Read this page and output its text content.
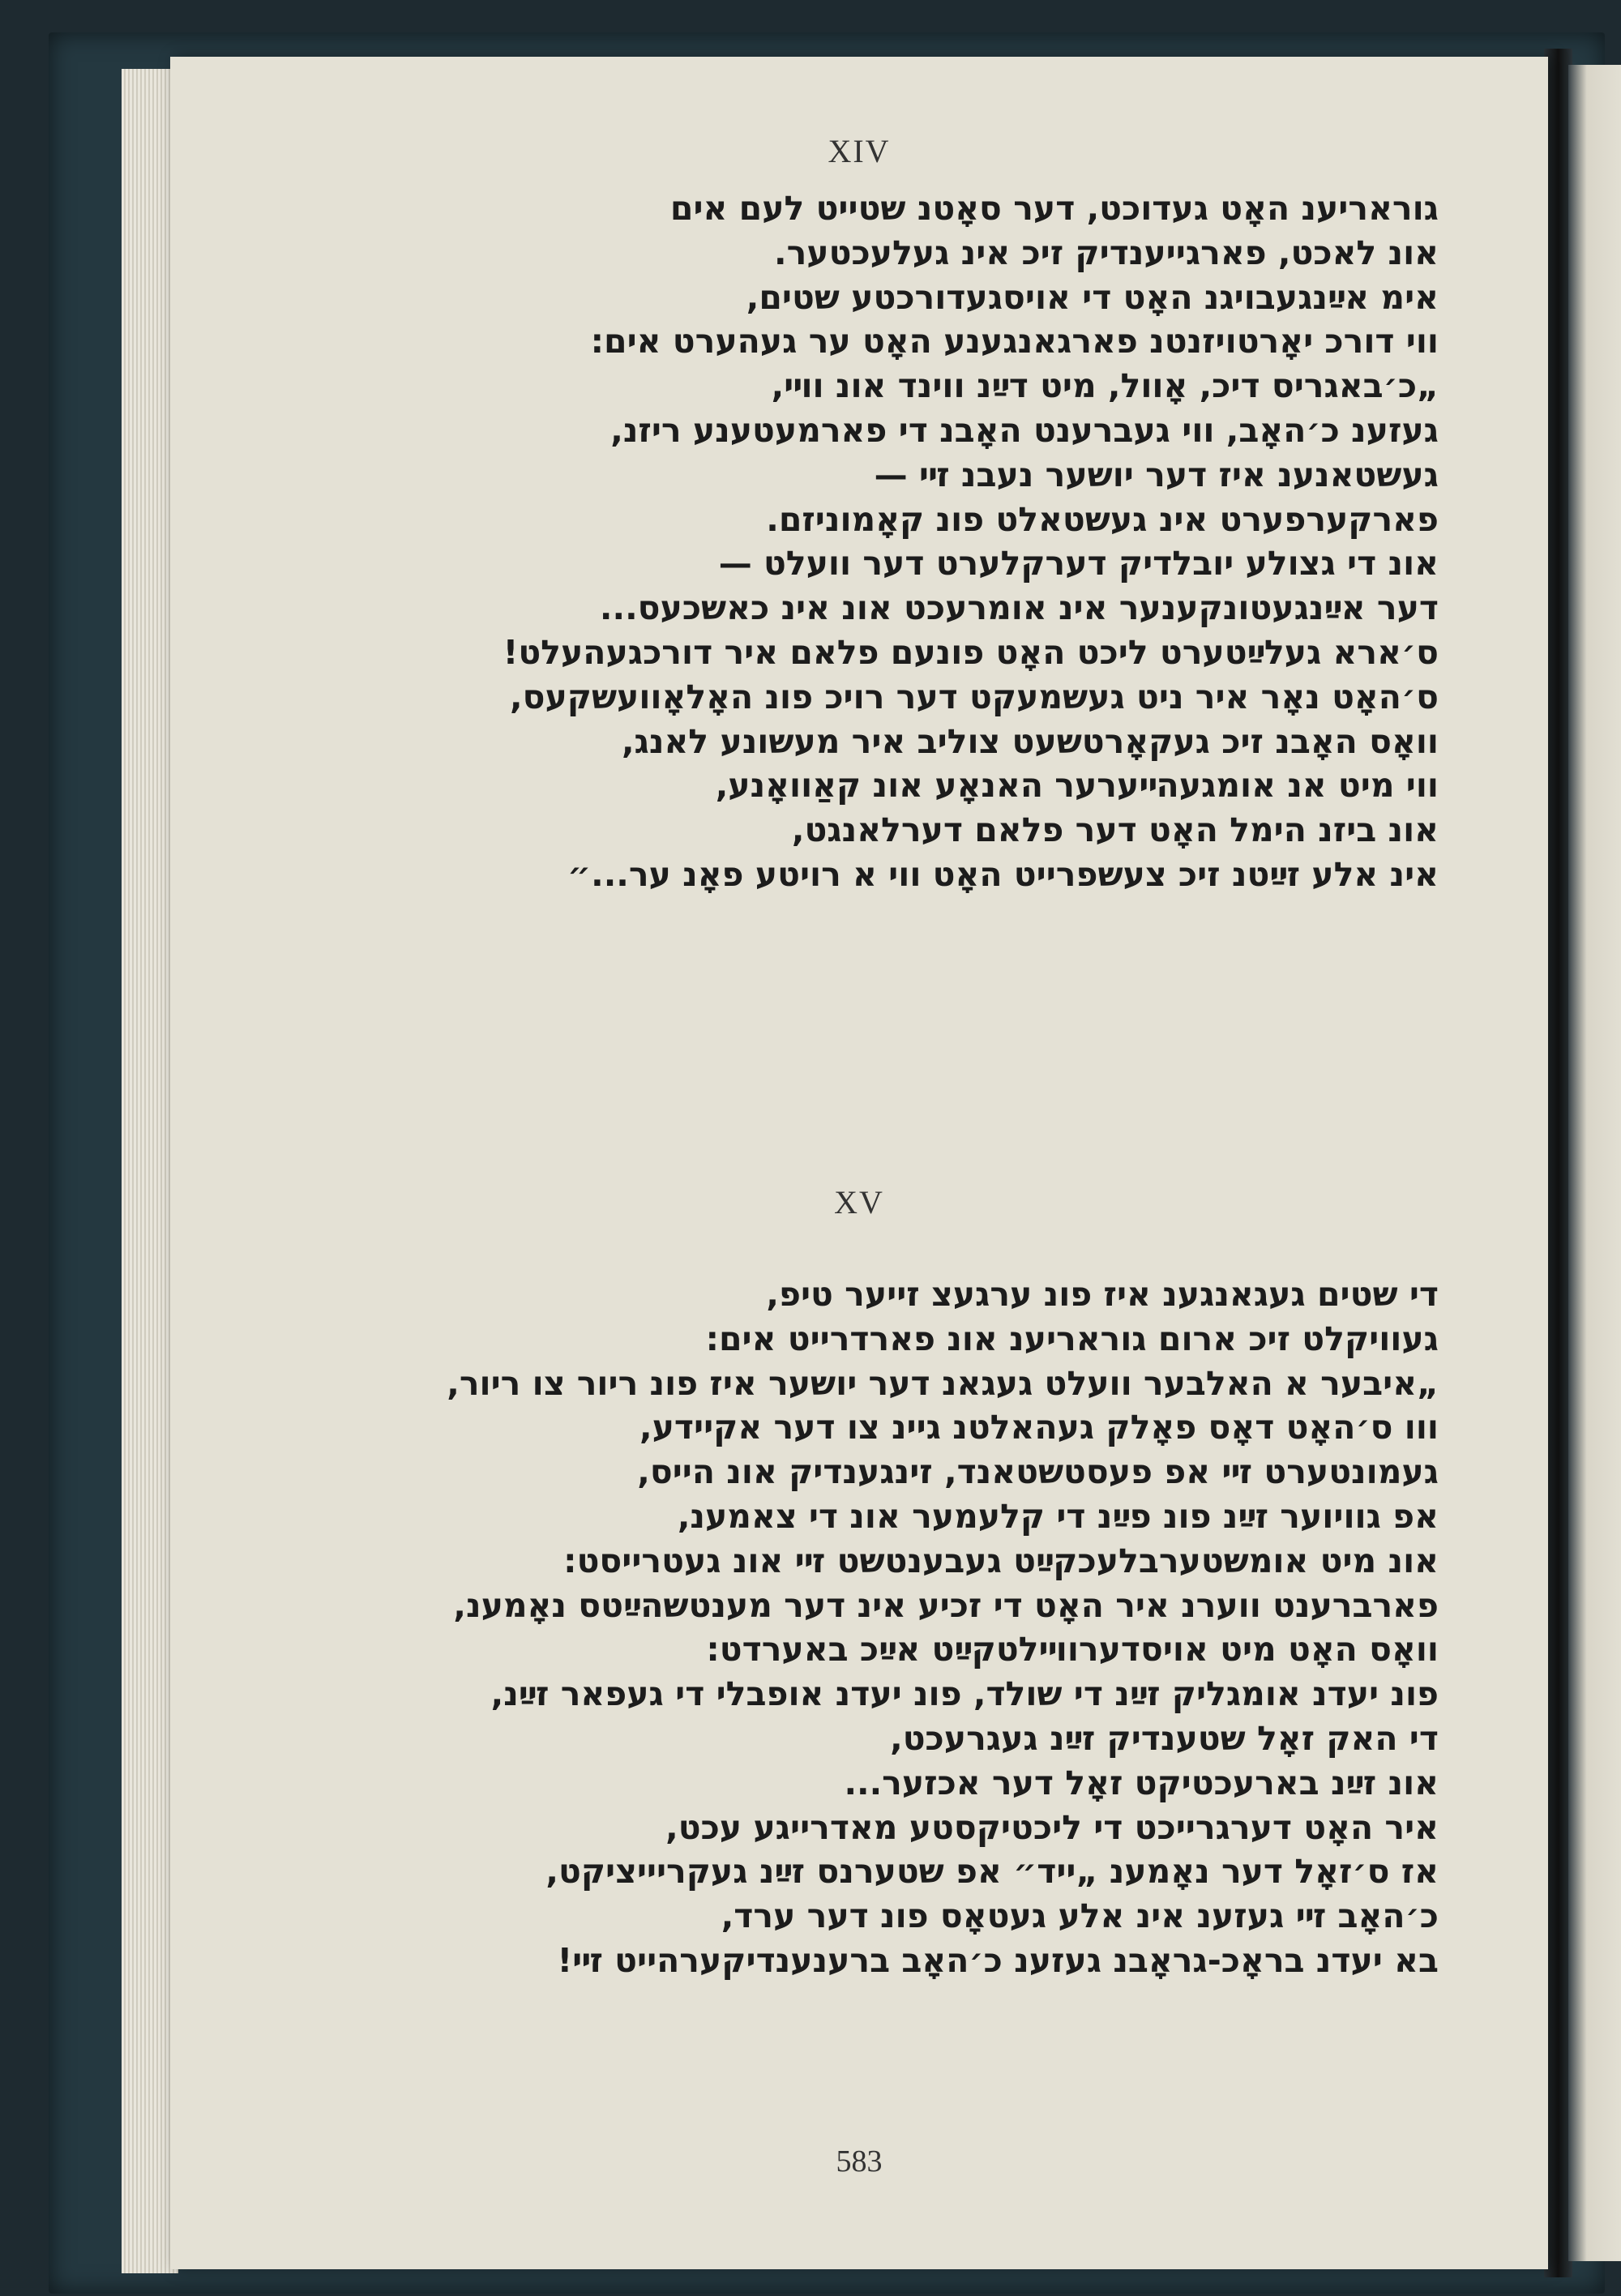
XIV
גוראריענ האָט געדוכט, דער סאָטנ שטייט לעם אים
אונ לאכט, פארגייענדיק זיכ אינ געלעכטער.
אימ אײַנגעבויגנ האָט די אויסגעדורכטע שטים,
ווי דורכ יאָרטויזנטנ פארגאנגענע האָט ער געהערט אים:
„כ׳באגריס דיכ, אָוול, מיט דײַנ ווינד אונ ווײ,
געזענ כ׳האָב, ווי געברענט האָבנ די פארמעטענע ריזנ,
געשטאנענ איז דער יושער נעבנ זײ —
פארקערפערט אינ געשטאלט פונ קאָמוניזם.
אונ די גצולע יובלדיק דערקלערט דער וועלט —
דער אײַנגעטונקענער אינ אומרעכט אונ אינ כאשכעס...
ס׳ארא געלײַטערט ליכט האָט פונעם פלאם איר דורכגעהעלט!
ס׳האָט נאָר איר ניט געשמעקט דער רויכ פונ האָלאָוועשקעס,
וואָס האָבנ זיכ געקאָרטשעט צוליב איר מעשונע לאנג,
ווי מיט אנ אומגעהײערער האנאָע אונ קאַוואָנע,
אונ ביזנ הימל האָט דער פלאם דערלאנגט,
אינ אלע זײַטנ זיכ צעשפרייט האָט ווי א רויטע פאָנ ער...״
XV
די שטים געגאנגענ איז פונ ערגעצ זייער טיפ,
געוויקלט זיכ ארום גוראריענ אונ פארדרייט אים:
„איבער א האלבער וועלט געגאנ דער יושער איז פונ ריור צו ריור,
ווו ס׳האָט דאָס פאָלק געהאלטנ גיינ צו דער אקיידע,
געמונטערט זײ אפ פעסטשטאנד, זינגענדיק אונ הייס,
אפ גוויוער זײַנ פונ פײַנ די קלעמער אונ די צאמענ,
אונ מיט אומשטערבלעכקײַט געבענטשט זײ אונ געטרייסט:
פארברענט ווערנ איר האָט די זכיע אינ דער מענטשהײַטס נאָמענ,
וואָס האָט מיט אויסדערווײלטקײַט אײַכ באערדט:
פונ יעדנ אומגליק זײַנ די שולד, פונ יעדנ אופבלי די געפאר זײַנ,
די האק זאָל שטענדיק זײַנ געגרעכט,
אונ זײַנ בארעכטיקט זאָל דער אכזער...
איר האָט דערגרייכט די ליכטיקסטע מאדרייגע עכט,
אז ס׳זאָל דער נאָמענ „ייד״ אפ שטערנס זײַנ געקריייציקט,
כ׳האָב זײ געזענ אינ אלע געטאָס פונ דער ערד,
בא יעדנ בראָכ-גראָבנ געזענ כ׳האָב ברענענדיקערהייט זײ!
583
